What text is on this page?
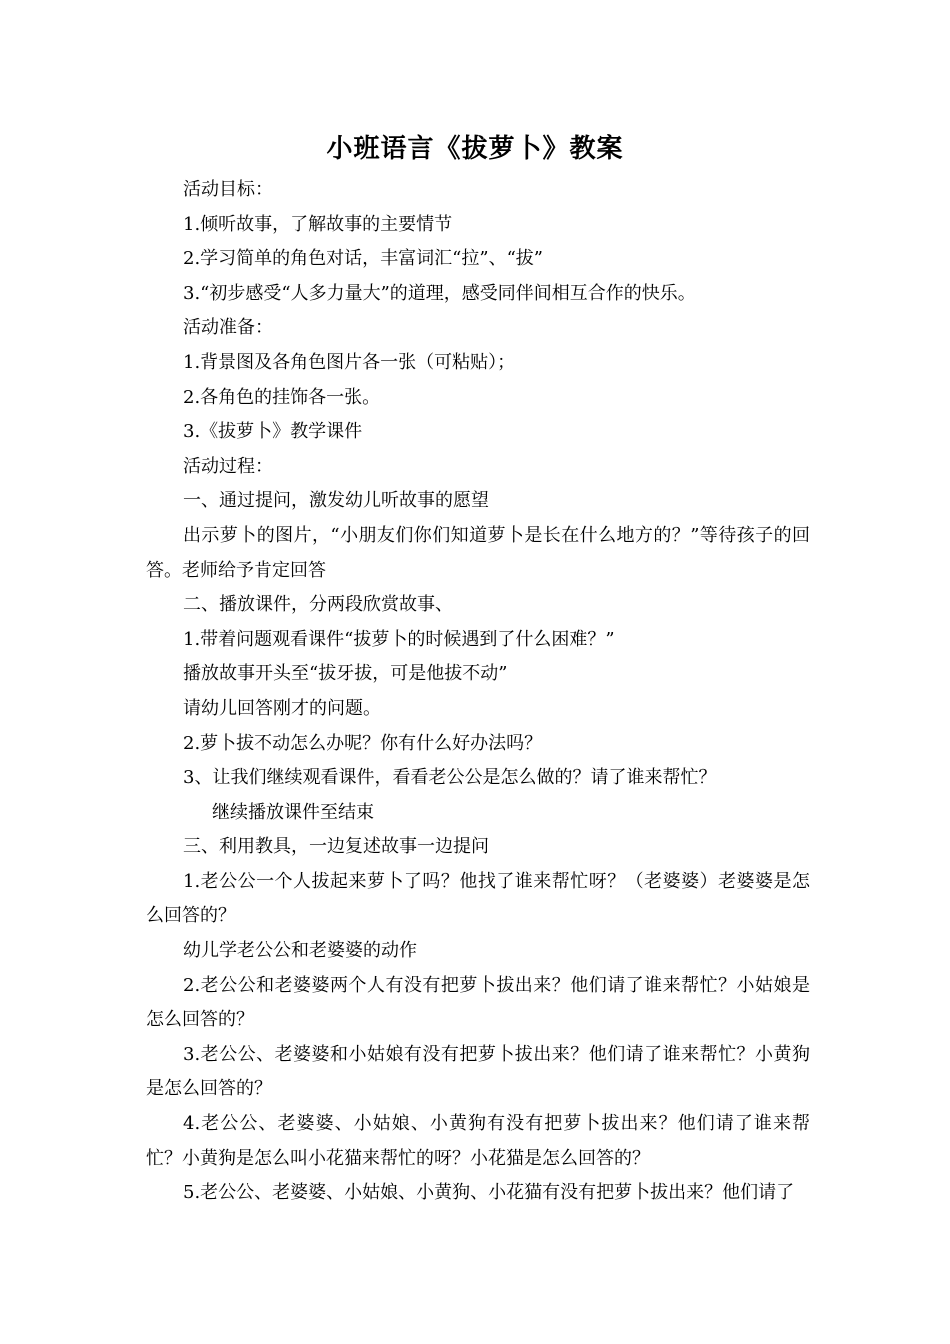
小班语言《拔萝卜》教案

活动目标：

1.倾听故事，了解故事的主要情节

2.学习简单的角色对话，丰富词汇“拉”、“拔”

3.“初步感受“人多力量大”的道理，感受同伴间相互合作的快乐。

活动准备：

1.背景图及各角色图片各一张（可粘贴）；

2.各角色的挂饰各一张。

3.《拔萝卜》教学课件

活动过程：

一、通过提问，激发幼儿听故事的愿望

出示萝卜的图片，“小朋友们你们知道萝卜是长在什么地方的？”等待孩子的回答。老师给予肯定回答

二、播放课件，分两段欣赏故事、

1.带着问题观看课件“拔萝卜的时候遇到了什么困难？”

播放故事开头至“拔牙拔，可是他拔不动”

请幼儿回答刚才的问题。

2.萝卜拔不动怎么办呢？你有什么好办法吗？

3、让我们继续观看课件，看看老公公是怎么做的？请了谁来帮忙？

继续播放课件至结束

三、利用教具，一边复述故事一边提问

1.老公公一个人拔起来萝卜了吗？他找了谁来帮忙呀？（老婆婆）老婆婆是怎么回答的？

幼儿学老公公和老婆婆的动作

2.老公公和老婆婆两个人有没有把萝卜拔出来？他们请了谁来帮忙？小姑娘是怎么回答的？

3.老公公、老婆婆和小姑娘有没有把萝卜拔出来？他们请了谁来帮忙？小黄狗是怎么回答的？

4.老公公、老婆婆、小姑娘、小黄狗有没有把萝卜拔出来？他们请了谁来帮忙？小黄狗是怎么叫小花猫来帮忙的呀？小花猫是怎么回答的？

5.老公公、老婆婆、小姑娘、小黄狗、小花猫有没有把萝卜拔出来？他们请了
